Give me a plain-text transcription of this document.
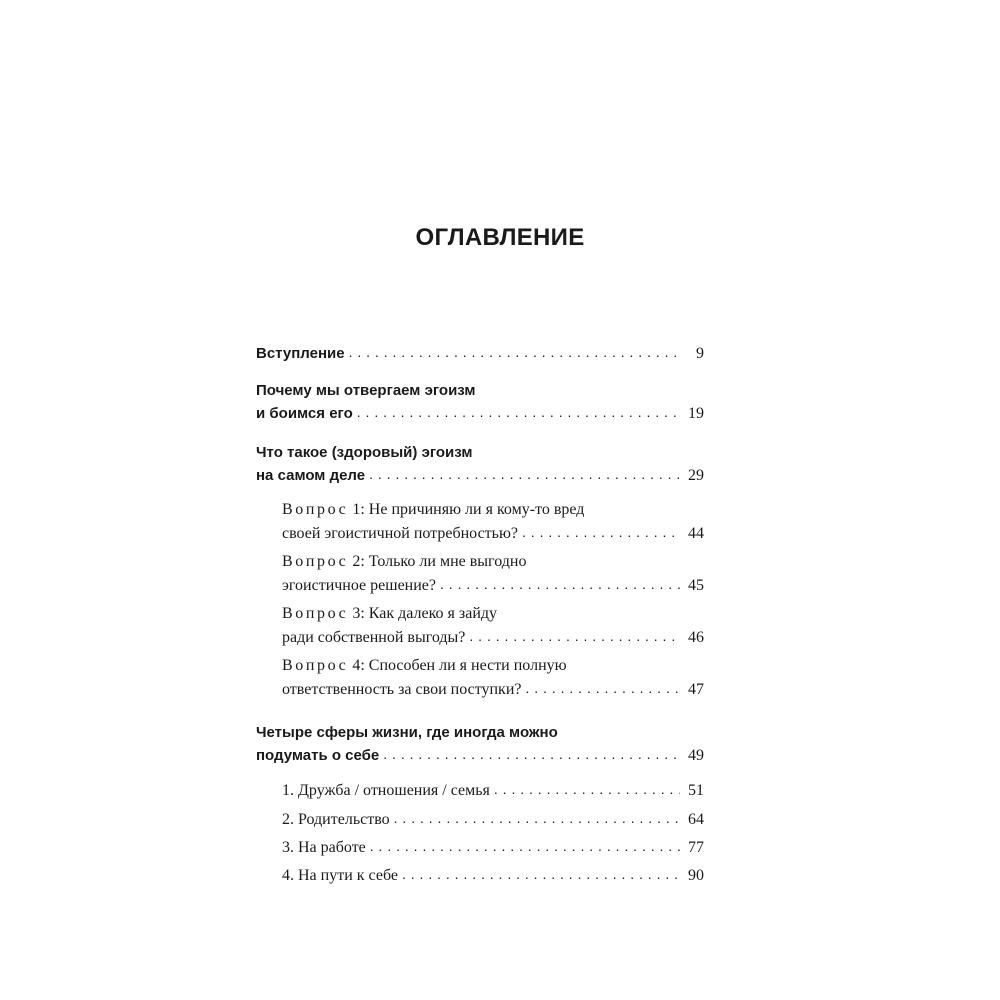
ОГЛАВЛЕНИЕ
Вступление . . .	9
Почему мы отвергаем эгоизм
и боимся его . . .	19
Что такое (здоровый) эгоизм
на самом деле . . .	29
Вопрос 1: Не причиняю ли я кому-то вред
своей эгоистичной потребностью? . . .	44
Вопрос 2: Только ли мне выгодно
эгоистичное решение? . . .	45
Вопрос 3: Как далеко я зайду
ради собственной выгоды? . . .	46
Вопрос 4: Способен ли я нести полную
ответственность за свои поступки? . . .	47
Четыре сферы жизни, где иногда можно
подумать о себе . . .	49
1. Дружба / отношения / семья . . .	51
2. Родительство . . .	64
3. На работе . . .	77
4. На пути к себе . . .	90
